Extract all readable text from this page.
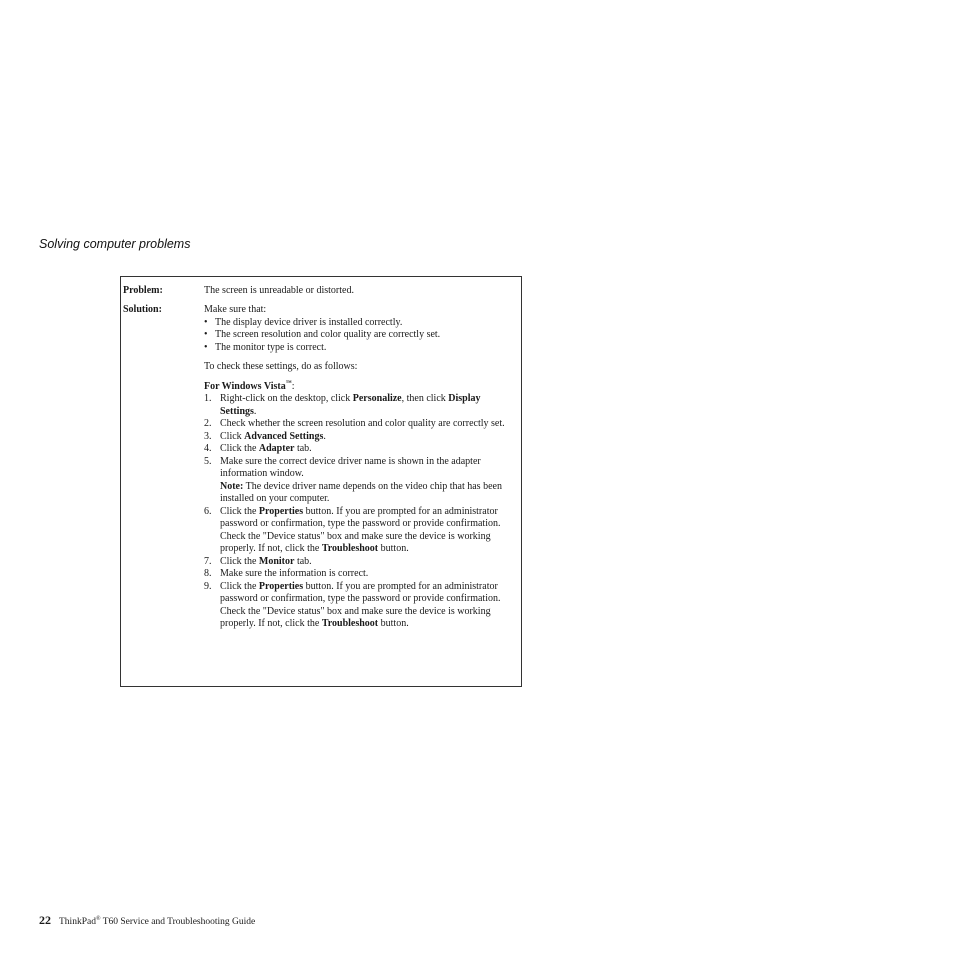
Solving computer problems
Problem:	The screen is unreadable or distorted.
Solution:	Make sure that:

• The display device driver is installed correctly.
• The screen resolution and color quality are correctly set.
• The monitor type is correct.

To check these settings, do as follows:

For Windows Vista™:

1. Right-click on the desktop, click Personalize, then click Display Settings.
2. Check whether the screen resolution and color quality are correctly set.
3. Click Advanced Settings.
4. Click the Adapter tab.
5. Make sure the correct device driver name is shown in the adapter information window.
Note: The device driver name depends on the video chip that has been installed on your computer.
6. Click the Properties button. If you are prompted for an administrator password or confirmation, type the password or provide confirmation. Check the "Device status" box and make sure the device is working properly. If not, click the Troubleshoot button.
7. Click the Monitor tab.
8. Make sure the information is correct.
9. Click the Properties button. If you are prompted for an administrator password or confirmation, type the password or provide confirmation. Check the "Device status" box and make sure the device is working properly. If not, click the Troubleshoot button.
22 ThinkPad® T60 Service and Troubleshooting Guide
